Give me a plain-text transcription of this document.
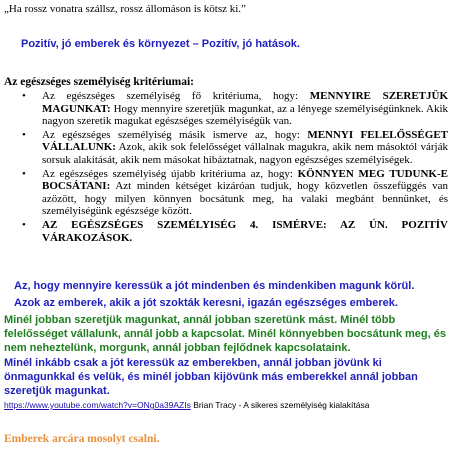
„Ha rossz vonatra szállsz, rossz állomáson is kötsz ki.”
Pozitív, jó emberek és környezet – Pozitív, jó hatások.
Az egészséges személyiség kritériumai:
• Az egészséges személyiség fő kritériuma, hogy: MENNYIRE SZERETJÜK MAGUNKAT: Hogy mennyire szeretjük magunkat, az a lényege személyiségünknek. Akik nagyon szeretik magukat egészséges személyiségük van.
• Az egészséges személyiség másik ismerve az, hogy: MENNYI FELELŐSSÉGET VÁLLALUNK: Azok, akik sok felelősséget vállalnak magukra, akik nem másoktól várják sorsuk alakítását, akik nem másokat hibáztatnak, nagyon egészséges személyiségek.
• Az egészséges személyiség újabb kritériuma az, hogy: KÖNNYEN MEG TUDUNK-E BOCSÁTANI: Azt minden kétséget kizáróan tudjuk, hogy közvetlen összefüggés van azözött, hogy milyen könnyen bocsátunk meg, ha valaki megbánt bennünket, és személyiségünk egészsége között.
• AZ EGÉSZSÉGES SZEMÉLYISÉG 4. ISMÉRVE: AZ ÚN. POZITÍV VÁRAKOZÁSOK.
Az, hogy mennyire keressük a jót mindenben és mindenkiben magunk körül.
Azok az emberek, akik a jót szokták keresni, igazán egészséges emberek.
Minél jobban szeretjük magunkat, annál jobban szeretünk mást. Minél több felelősséget vállalunk, annál jobb a kapcsolat. Minél könnyebben bocsátunk meg, és nem neheztelünk, morgunk, annál jobban fejlődnek kapcsolataink.
Minél inkább csak a jót keressük az emberekben, annál jobban jövünk ki önmagunkkal és velük, és minél jobban kijövünk más emberekkel annál jobban szeretjük magunkat.
https://www.youtube.com/watch?v=ONg0a39AZIs Brian Tracy - A sikeres személyiség kialakítása
Emberek arcára mosolyt csalni.
